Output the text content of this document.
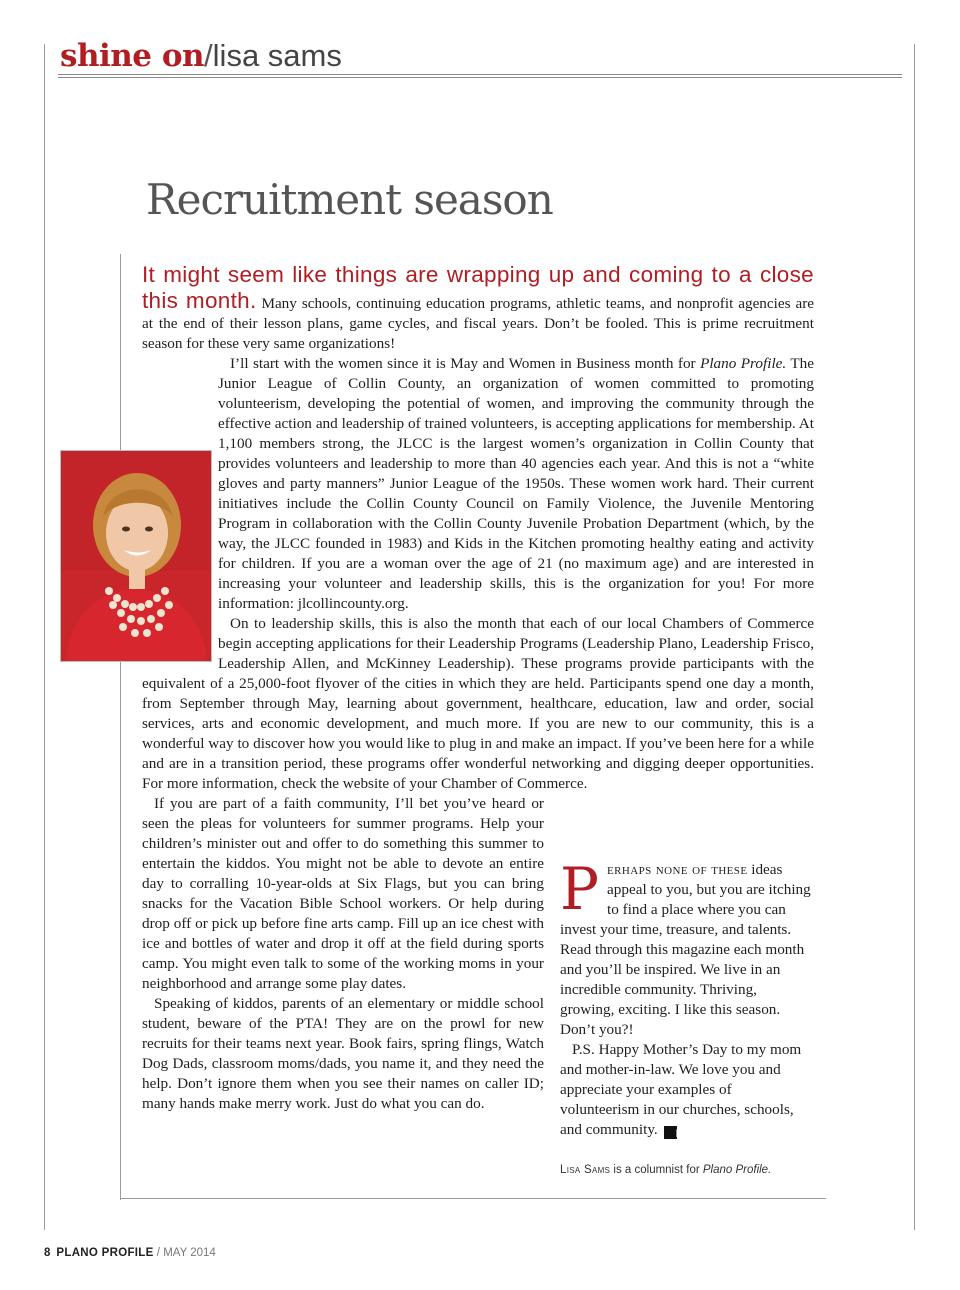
shine on/lisa sams
Recruitment season

It might seem like things are wrapping up and coming to a close this month. Many schools, continuing education programs, athletic teams, and nonprofit agencies are at the end of their lesson plans, game cycles, and fiscal years. Don’t be fooled. This is prime recruitment season for these very same organizations!

I’ll start with the women since it is May and Women in Business month for Plano Profile. The Junior League of Collin County, an organization of women committed to promoting volunteerism, developing the potential of women, and improving the community through the effective action and leadership of trained volunteers, is accepting applications for membership. At 1,100 members strong, the JLCC is the largest women’s organization in Collin County that provides volunteers and leadership to more than 40 agencies each year. And this is not a “white gloves and party manners” Junior League of the 1950s. These women work hard. Their current initiatives include the Collin County Council on Family Violence, the Juvenile Mentoring Program in collaboration with the Collin County Juvenile Probation Department (which, by the way, the JLCC founded in 1983) and Kids in the Kitchen promoting healthy eating and activity for children. If you are a woman over the age of 21 (no maximum age) and are interested in increasing your volunteer and leadership skills, this is the organization for you! For more information: jlcollincounty.org.

On to leadership skills, this is also the month that each of our local Chambers of Commerce begin accepting applications for their Leadership Programs (Leadership Plano, Leadership Frisco, Leadership Allen, and McKinney Leadership). These programs provide participants with the equivalent of a 25,000-foot flyover of the cities in which they are held. Participants spend one day a month, from September through May, learning about government, healthcare, education, law and order, social services, arts and economic development, and much more. If you are new to our community, this is a wonderful way to discover how you would like to plug in and make an impact. If you’ve been here for a while and are in a transition period, these programs offer wonderful networking and digging deeper opportunities. For more information, check the website of your Chamber of Commerce.

If you are part of a faith community, I’ll bet you’ve heard or seen the pleas for volunteers for summer programs. Help your children’s minister out and offer to do something this summer to entertain the kiddos. You might not be able to devote an entire day to corralling 10-year-olds at Six Flags, but you can bring snacks for the Vacation Bible School workers. Or help during drop off or pick up before fine arts camp. Fill up an ice chest with ice and bottles of water and drop it off at the field during sports camp. You might even talk to some of the working moms in your neighborhood and arrange some play dates.

Speaking of kiddos, parents of an elementary or middle school student, beware of the PTA! They are on the prowl for new recruits for their teams next year. Book fairs, spring flings, Watch Dog Dads, classroom moms/dads, you name it, and they need the help. Don’t ignore them when you see their names on caller ID; many hands make merry work. Just do what you can do.

Perhaps none of these ideas appeal to you, but you are itching to find a place where you can invest your time, treasure, and talents. Read through this magazine each month and you’ll be inspired. We live in an incredible community. Thriving, growing, exciting. I like this season. Don’t you?!

P.S. Happy Mother’s Day to my mom and mother-in-law. We love you and appreciate your examples of volunteerism in our churches, schools, and community. p

Lisa Sams is a columnist for Plano Profile.
8 PLANO PROFILE / MAY 2014
